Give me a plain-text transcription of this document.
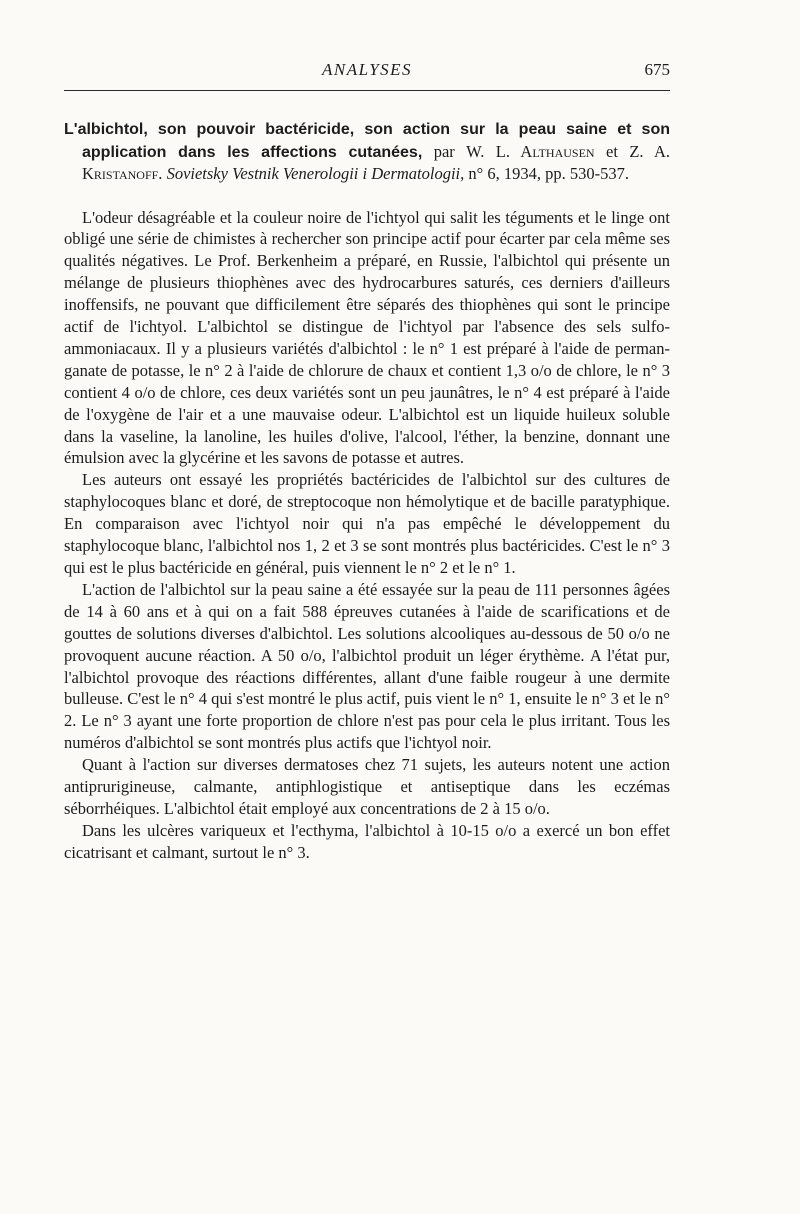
ANALYSES	675

L'albichtol, son pouvoir bactéricide, son action sur la peau saine et son application dans les affections cutanées, par W. L. Althausen et Z. A. Kristanoff. Sovietsky Vestnik Venerologii i Dermatologii, n° 6, 1934, pp. 530-537.

L'odeur désagréable et la couleur noire de l'ichtyol qui salit les téguments et le linge ont obligé une série de chimistes à rechercher son principe actif pour écarter par cela même ses qualités négatives. Le Prof. Berkenheim a préparé, en Russie, l'albichtol qui présente un mélange de plusieurs thiophènes avec des hydrocarbures saturés, ces derniers d'ailleurs inoffensifs, ne pouvant que difficilement être séparés des thiophènes qui sont le principe actif de l'ichtyol. L'albichtol se distingue de l'ichtyol par l'absence des sels sulfo-ammoniacaux. Il y a plusieurs variétés d'albichtol : le n° 1 est préparé à l'aide de permanganate de potasse, le n° 2 à l'aide de chlorure de chaux et contient 1,3 o/o de chlore, le n° 3 contient 4 o/o de chlore, ces deux variétés sont un peu jaunâtres, le n° 4 est préparé à l'aide de l'oxygène de l'air et a une mauvaise odeur. L'albichtol est un liquide huileux soluble dans la vaseline, la lanoline, les huiles d'olive, l'alcool, l'éther, la benzine, donnant une émulsion avec la glycérine et les savons de potasse et autres.

Les auteurs ont essayé les propriétés bactéricides de l'albichtol sur des cultures de staphylocoques blanc et doré, de streptocoque non hémolytique et de bacille paratyphique. En comparaison avec l'ichtyol noir qui n'a pas empêché le développement du staphylocoque blanc, l'albichtol nos 1, 2 et 3 se sont montrés plus bactéricides. C'est le n° 3 qui est le plus bactéricide en général, puis viennent le n° 2 et le n° 1.

L'action de l'albichtol sur la peau saine a été essayée sur la peau de 111 personnes âgées de 14 à 60 ans et à qui on a fait 588 épreuves cutanées à l'aide de scarifications et de gouttes de solutions diverses d'albichtol. Les solutions alcooliques au-dessous de 50 o/o ne provoquent aucune réaction. A 50 o/o, l'albichtol produit un léger érythème. A l'état pur, l'albichtol provoque des réactions différentes, allant d'une faible rougeur à une dermite bulleuse. C'est le n° 4 qui s'est montré le plus actif, puis vient le n° 1, ensuite le n° 3 et le n° 2. Le n° 3 ayant une forte proportion de chlore n'est pas pour cela le plus irritant. Tous les numéros d'albichtol se sont montrés plus actifs que l'ichtyol noir.

Quant à l'action sur diverses dermatoses chez 71 sujets, les auteurs notent une action antiprurigineuse, calmante, antiphlogistique et antiseptique dans les eczémas séborrhéiques. L'albichtol était employé aux concentrations de 2 à 15 o/o.

Dans les ulcères variqueux et l'ecthyma, l'albichtol à 10-15 o/o a exercé un bon effet cicatrisant et calmant, surtout le n° 3.
